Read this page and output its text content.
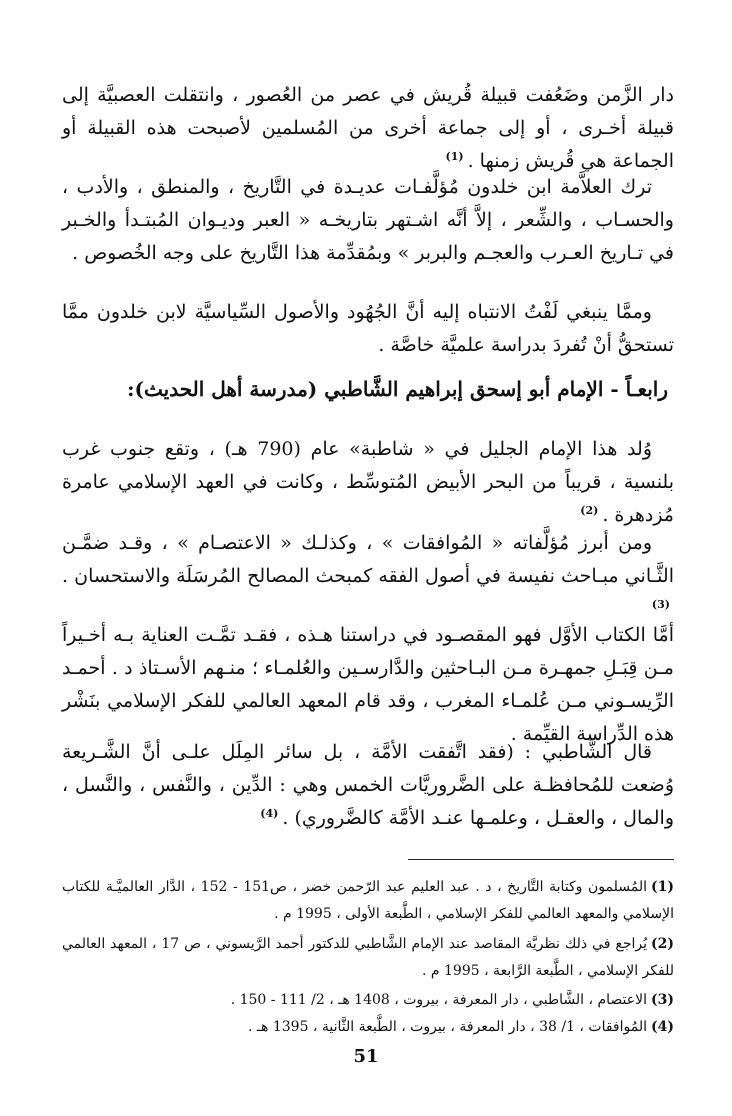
دار الزَّمن وضَعُفت قبيلة قُريش في عصر من العُصور ، وانتقلت العصبيَّة إلى قبيلة أخـرى ، أو إلى جماعة أخرى من المُسلمين لأصبحت هذه القبيلة أو الجماعة هي قُريش زمنها .$^{(1)}$

ترك العلاَّمة ابن خلدون مُؤلَّفـات عديـدة في التَّاريخ ، والمنطق ، والأدب ، والحسـاب ، والشِّعر ، إلاَّ أنَّه اشـتهر بتاريخـه « العبر وديـوان المُبتـدأ والخـبر في تـاريخ العـرب والعجـم والبربر » وبمُقدِّمة هذا التَّاريخ على وجه الخُصوص .

وممَّا ينبغي لَفْتُ الانتباه إليه أنَّ الجُهُود والأصول السِّياسيَّة لابن خلدون ممَّا تستحقُّ أنْ تُفردَ بدراسة علميَّة خاصَّة .

رابعـاً - الإمام أبو إسحق إبراهيم الشَّاطبي (مدرسة أهل الحديث):

وُلد هذا الإمام الجليل في « شاطبة» عام (790 هـ) ، وتقع جنوب غرب بلنسية ، قريباً من البحر الأبيض المُتوسِّط ، وكانت في العهد الإسلامي عامرة مُزدهرة .$^{(2)}$

ومن أبرز مُؤلَّفاته « المُوافقات » ، وكذلـك « الاعتصـام » ، وقـد ضمَّـن الثَّـاني مبـاحث نفيسة في أصول الفقه كمبحث المصالح المُرسَلَة والاستحسان .$^{(3)}$

أمَّا الكتاب الأوَّل فهو المقصـود في دراستنا هـذه ، فقـد تمَّـت العناية بـه أخـيراً مـن قِبَـلِ جمهـرة مـن البـاحثين والدَّارسـين والعُلمـاء ؛ منـهم الأسـتاذ د . أحمـد الرِّيسـوني مـن عُلمـاء المغرب ، وقد قام المعهد العالمي للفكر الإسلامي بنَشْر هذه الدِّراسة القيِّمة .

قال الشَّاطبي : (فقد اتَّفقت الأمَّة ، بل سائر المِلَل علـى أنَّ الشَّـريعة وُضعت للمُحافظـة على الضَّروريَّات الخمس وهي : الدِّين ، والنَّفس ، والنَّسل ، والمال ، والعقـل ، وعلمـها عنـد الأمَّة كالضَّروري) .$^{(4)}$

(1)المُسلمون وكتابة التَّاريخ ، د . عبد العليم عبد الرّحمن خضر ، ص151 - 152 ، الدَّار العالميَّـة للكتاب الإسلامي والمعهد العالمي للفكر الإسلامي ، الطَّبعة الأولى ، 1995 م .

(2)يُراجع في ذلك نظريَّة المقاصد عند الإمام الشَّاطبي للدكتور أحمد الرَّيسوني ، ص 17 ، المعهد العالمي للفكر الإسلامي ، الطَّبعة الرَّابعة ، 1995 م .

(3)الاعتصام ، الشَّاطبي ، دار المعرفة ، بيروت ، 1408 هـ ، 2/ 111 - 150 .

(4)المُوافقات ، 1/ 38 ، دار المعرفة ، بيروت ، الطَّبعة الثَّانية ، 1395 هـ .

51
